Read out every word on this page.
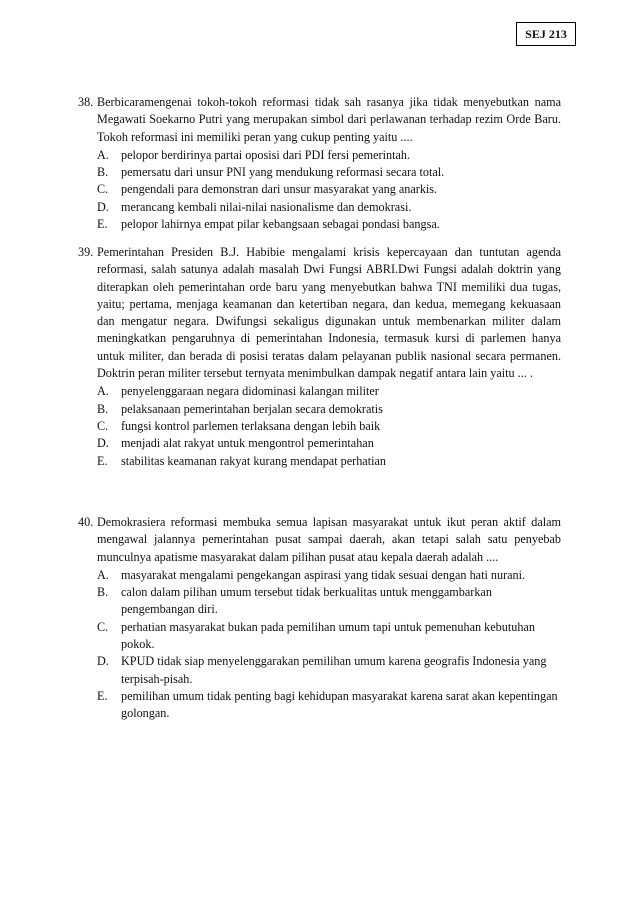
SEJ 213
38. Berbicaramengenai tokoh-tokoh reformasi tidak sah rasanya jika tidak menyebutkan nama Megawati Soekarno Putri yang merupakan simbol dari perlawanan terhadap rezim Orde Baru. Tokoh reformasi ini memiliki peran yang cukup penting yaitu ....
A. pelopor berdirinya partai oposisi dari PDI fersi pemerintah.
B. pemersatu dari unsur PNI yang mendukung reformasi secara total.
C. pengendali para demonstran dari unsur masyarakat yang anarkis.
D. merancang kembali nilai-nilai nasionalisme dan demokrasi.
E. pelopor lahirnya empat pilar kebangsaan sebagai pondasi bangsa.
39. Pemerintahan Presiden B.J. Habibie mengalami krisis kepercayaan dan tuntutan agenda reformasi, salah satunya adalah masalah Dwi Fungsi ABRI.Dwi Fungsi adalah doktrin yang diterapkan oleh pemerintahan orde baru yang menyebutkan bahwa TNI memiliki dua tugas, yaitu; pertama, menjaga keamanan dan ketertiban negara, dan kedua, memegang kekuasaan dan mengatur negara. Dwifungsi sekaligus digunakan untuk membenarkan militer dalam meningkatkan pengaruhnya di pemerintahan Indonesia, termasuk kursi di parlemen hanya untuk militer, dan berada di posisi teratas dalam pelayanan publik nasional secara permanen. Doktrin peran militer tersebut ternyata menimbulkan dampak negatif antara lain yaitu ... .
A. penyelenggaraan negara didominasi kalangan militer
B. pelaksanaan pemerintahan berjalan secara demokratis
C. fungsi kontrol parlemen terlaksana dengan lebih baik
D. menjadi alat rakyat untuk mengontrol pemerintahan
E. stabilitas keamanan rakyat kurang mendapat perhatian
40. Demokrasiera reformasi membuka semua lapisan masyarakat untuk ikut peran aktif dalam mengawal jalannya pemerintahan pusat sampai daerah, akan tetapi salah satu penyebab munculnya apatisme masyarakat dalam pilihan pusat atau kepala daerah adalah ....
A. masyarakat mengalami pengekangan aspirasi yang tidak sesuai dengan hati nurani.
B. calon dalam pilihan umum tersebut tidak berkualitas untuk menggambarkan pengembangan diri.
C. perhatian masyarakat bukan pada pemilihan umum tapi untuk pemenuhan kebutuhan pokok.
D. KPUD tidak siap menyelenggarakan pemilihan umum karena geografis Indonesia yang terpisah-pisah.
E. pemilihan umum tidak penting bagi kehidupan masyarakat karena sarat akan kepentingan golongan.
